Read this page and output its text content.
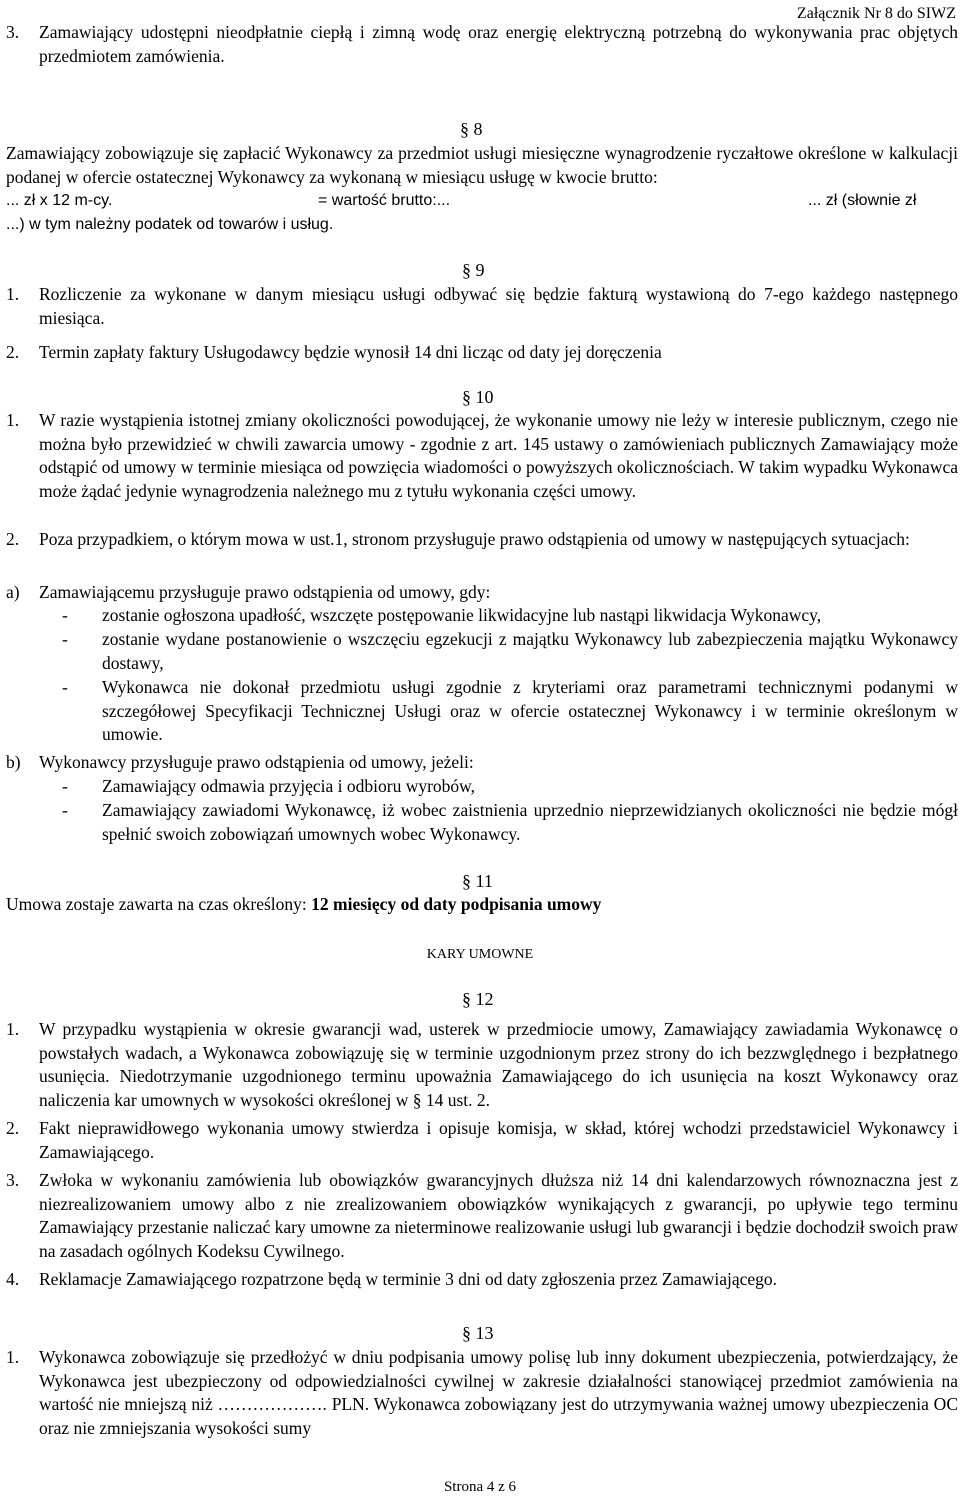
Załącznik Nr 8 do SIWZ
3. Zamawiający udostępni nieodpłatnie ciepłą i zimną wodę oraz energię elektryczną potrzebną do wykonywania prac objętych przedmiotem zamówienia.
§ 8
Zamawiający zobowiązuje się zapłacić Wykonawcy za przedmiot usługi miesięczne wynagrodzenie ryczałtowe określone w kalkulacji podanej w ofercie ostatecznej Wykonawcy za wykonaną w miesiącu usługę w kwocie brutto:
... zł x 12 m-cy.	= wartość brutto:...	... zł (słownie zł
...) w tym należny podatek od towarów i usług.
§ 9
1. Rozliczenie za wykonane w danym miesiącu usługi odbywać się będzie fakturą wystawioną do 7-ego każdego następnego miesiąca.
2. Termin zapłaty faktury Usługodawcy będzie wynosił 14 dni licząc od daty jej doręczenia
§ 10
1. W razie wystąpienia istotnej zmiany okoliczności powodującej, że wykonanie umowy nie leży w interesie publicznym, czego nie można było przewidzieć w chwili zawarcia umowy - zgodnie z art. 145 ustawy o zamówieniach publicznych Zamawiający może odstąpić od umowy w terminie miesiąca od powzięcia wiadomości o powyższych okolicznościach. W takim wypadku Wykonawca może żądać jedynie wynagrodzenia należnego mu z tytułu wykonania części umowy.
2. Poza przypadkiem, o którym mowa w ust.1, stronom przysługuje prawo odstąpienia od umowy w następujących sytuacjach:
a) Zamawiającemu przysługuje prawo odstąpienia od umowy, gdy:
- zostanie ogłoszona upadłość, wszczęte postępowanie likwidacyjne lub nastąpi likwidacja Wykonawcy,
- zostanie wydane postanowienie o wszczęciu egzekucji z majątku Wykonawcy lub zabezpieczenia majątku Wykonawcy dostawy,
- Wykonawca nie dokonał przedmiotu usługi zgodnie z kryteriami oraz parametrami technicznymi podanymi w szczegółowej Specyfikacji Technicznej Usługi oraz w ofercie ostatecznej Wykonawcy i w terminie określonym w umowie.
b) Wykonawcy przysługuje prawo odstąpienia od umowy, jeżeli:
- Zamawiający odmawia przyjęcia i odbioru wyrobów,
- Zamawiający zawiadomi Wykonawcę, iż wobec zaistnienia uprzednio nieprzewidzianych okoliczności nie będzie mógł spełnić swoich zobowiązań umownych wobec Wykonawcy.
§ 11
Umowa zostaje zawarta na czas określony: 12 miesięcy od daty podpisania umowy
KARY UMOWNE
§ 12
1. W przypadku wystąpienia w okresie gwarancji wad, usterek w przedmiocie umowy, Zamawiający zawiadamia Wykonawcę o powstałych wadach, a Wykonawca zobowiązuję się w terminie uzgodnionym przez strony do ich bezzwględnego i bezpłatnego usunięcia. Niedotrzymanie uzgodnionego terminu upoważnia Zamawiającego do ich usunięcia na koszt Wykonawcy oraz naliczenia kar umownych w wysokości określonej w § 14 ust. 2.
2. Fakt nieprawidłowego wykonania umowy stwierdza i opisuje komisja, w skład, której wchodzi przedstawiciel Wykonawcy i Zamawiającego.
3. Zwłoka w wykonaniu zamówienia lub obowiązków gwarancyjnych dłuższa niż 14 dni kalendarzowych równoznaczna jest z niezrealizowaniem umowy albo z nie zrealizowaniem obowiązków wynikających z gwarancji, po upływie tego terminu Zamawiający przestanie naliczać kary umowne za nieterminowe realizowanie usługi lub gwarancji i będzie dochodził swoich praw na zasadach ogólnych Kodeksu Cywilnego.
4. Reklamacje Zamawiającego rozpatrzone będą w terminie 3 dni od daty zgłoszenia przez Zamawiającego.
§ 13
1. Wykonawca zobowiązuje się przedłożyć w dniu podpisania umowy polisę lub inny dokument ubezpieczenia, potwierdzający, że Wykonawca jest ubezpieczony od odpowiedzialności cywilnej w zakresie działalności stanowiącej przedmiot zamówienia na wartość nie mniejszą niż ………………. PLN. Wykonawca zobowiązany jest do utrzymywania ważnej umowy ubezpieczenia OC oraz nie zmniejszania wysokości sumy
Strona 4 z 6
